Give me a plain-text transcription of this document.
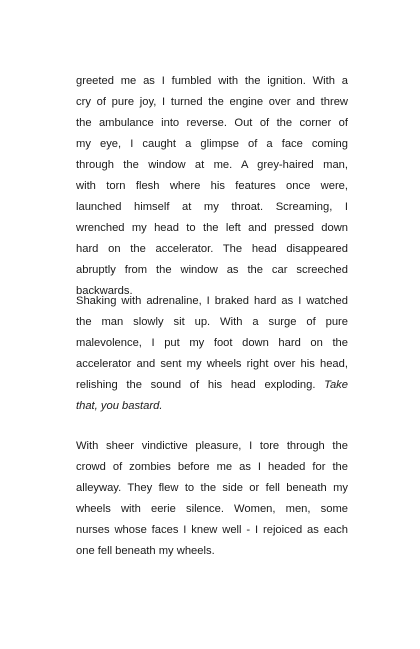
greeted me as I fumbled with the ignition. With a
cry of pure joy, I turned the engine over and threw
the ambulance into reverse. Out of the corner of
my eye, I caught a glimpse of a face coming
through the window at me. A grey-haired man,
with torn flesh where his features once were,
launched himself at my throat. Screaming, I
wrenched my head to the left and pressed down
hard on the accelerator. The head disappeared
abruptly from the window as the car screeched
backwards.
Shaking with adrenaline, I braked hard as I watched
the man slowly sit up. With a surge of pure
malevolence, I put my foot down hard on the
accelerator and sent my wheels right over his head,
relishing the sound of his head exploding. Take
that, you bastard.
With sheer vindictive pleasure, I tore through the
crowd of zombies before me as I headed for the
alleyway. They flew to the side or fell beneath my
wheels with eerie silence. Women, men, some
nurses whose faces I knew well - I rejoiced as each
one fell beneath my wheels.
